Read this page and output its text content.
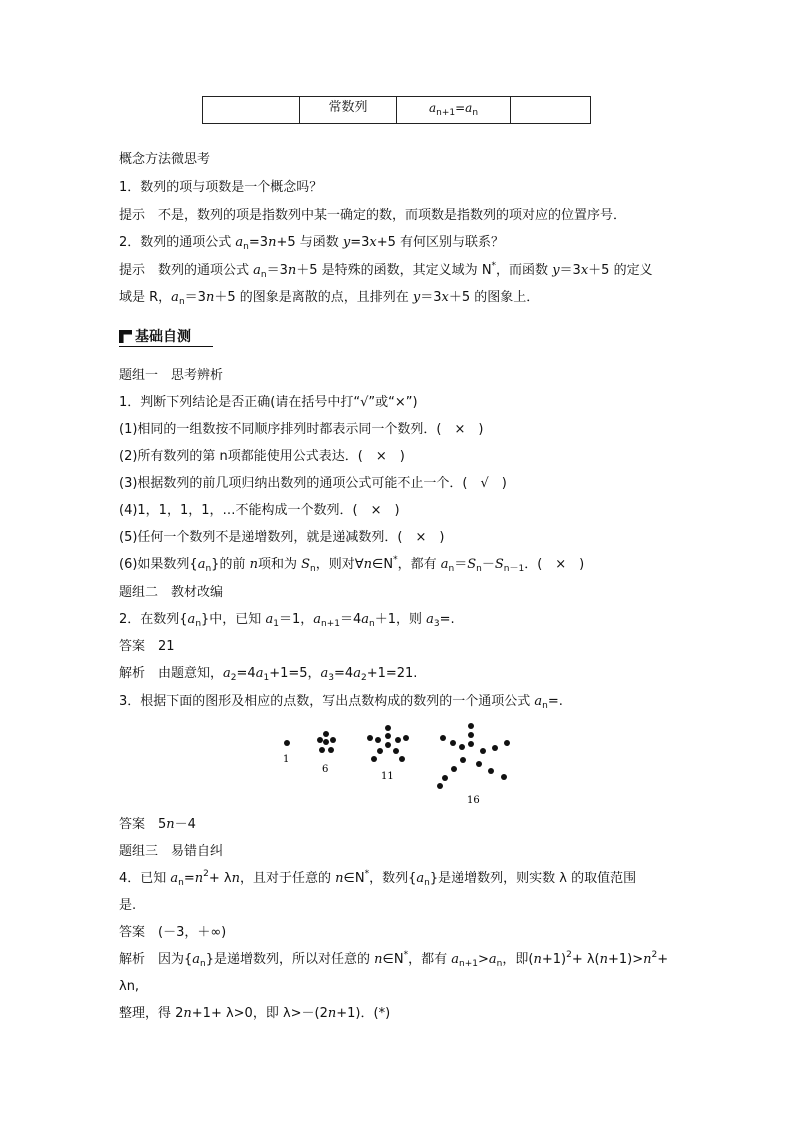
常数列	$a_{n+1}=a_n$
概念方法微思考
1．数列的项与项数是一个概念吗？
提示　不是，数列的项是指数列中某一确定的数，而项数是指数列的项对应的位置序号．
2．数列的通项公式 $a_n=3n+5$ 与函数 y=3x+5 有何区别与联系？
提示　数列的通项公式 $a_n=3n+5$ 是特殊的函数，其定义域为 N*，而函数 y＝3x＋5 的定义
域是 R，$a_n=3n+5$ 的图象是离散的点，且排列在 y＝3x＋5 的图象上．
基础自测
题组一　思考辨析
1．判断下列结论是否正确(请在括号中打“√”或“×”)
(1)相同的一组数按不同顺序排列时都表示同一个数列．(　×　)
(2)所有数列的第 n项都能使用公式表达．(　×　)
(3)根据数列的前几项归纳出数列的通项公式可能不止一个．(　√　)
(4)1，1，1，1，…不能构成一个数列．(　×　)
(5)任何一个数列不是递增数列，就是递减数列．(　×　)
(6)如果数列$\{a_n\}$的前 n项和为 $S_n$，则对∀n∈N*，都有 $a_n=S_n-S_{n-1}$．(　×　)
题组二　教材改编
2．在数列$\{a_n\}$中，已知 $a_1=1$，$a_{n+1}=4a_n+1$，则 $a_3=$.
答案　21
解析　由题意知，$a_2=4a_1+1=5$，$a_3=4a_2+1=21$.
3．根据下面的图形及相应的点数，写出点数构成的数列的一个通项公式 $a_n=$.
1
6
11
16
答案　5n－4
题组三　易错自纠
4．已知 $a_n=n^2+ \lambda n$，且对于任意的 n∈N*，数列$\{a_n\}$是递增数列，则实数 λ 的取值范围
是.
答案　(－3，＋∞)
解析　因为$\{a_n\}$是递增数列，所以对任意的 n∈N*，都有 $a_{n+1}>a_n$，即$(n+1)^2+ \lambda(n+1)>n^2+$
λn,
整理，得 2n+1+ λ>0，即 λ>－(2n+1)．(*)
